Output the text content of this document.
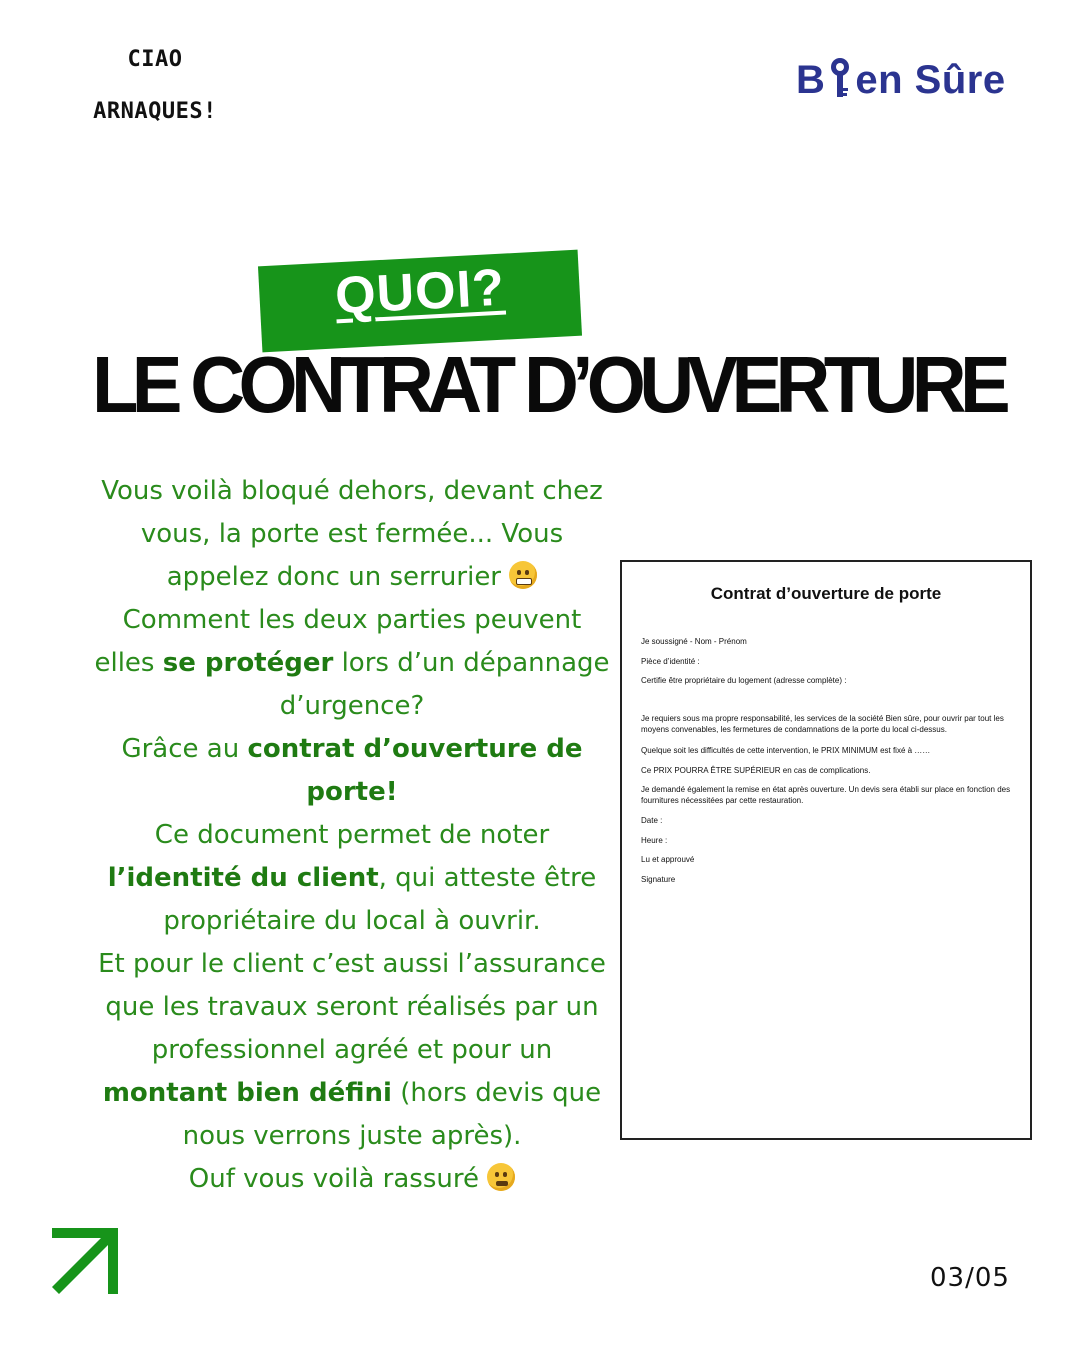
CIAO
ARNAQUES!
B en Sûre
QUOI?
LE CONTRAT D’OUVERTURE

Vous voilà bloqué dehors, devant chez vous, la porte est fermée... Vous appelez donc un serrurier

Comment les deux parties peuvent elles se protéger lors d’un dépannage d’urgence?

Grâce au contrat d’ouverture de porte!

Ce document permet de noter l’identité du client, qui atteste être propriétaire du local à ouvrir.

Et pour le client c’est aussi l’assurance que les travaux seront réalisés par un professionnel agréé et pour un montant bien défini (hors devis que nous verrons juste après).

Ouf vous voilà rassuré

Contrat d’ouverture de porte
Je soussigné - Nom - Prénom
Pièce d’identité :
Certifie être propriétaire du logement (adresse complète) :
Je requiers sous ma propre responsabilité, les services de la société Bien sûre, pour ouvrir par tout les moyens convenables, les fermetures de condamnations de la porte du local ci-dessus.
Quelque soit les difficultés de cette intervention, le PRIX MINIMUM est fixé à ……
Ce PRIX POURRA ÊTRE SUPÉRIEUR en cas de complications.
Je demandé également la remise en état après ouverture. Un devis sera établi sur place en fonction des fournitures nécessitées par cette restauration.
Date :
Heure :
Lu et approuvé
Signature
03/05
